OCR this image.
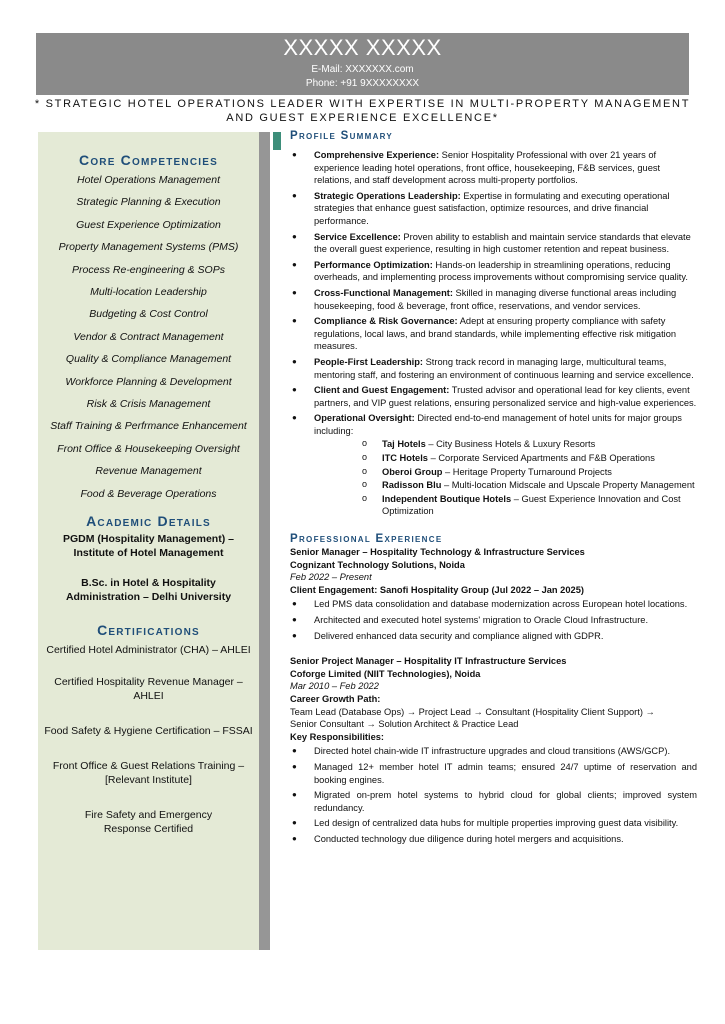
XXXXX XXXXX
E-Mail: XXXXXXX.com
Phone: +91 9XXXXXXXX
* STRATEGIC HOTEL OPERATIONS LEADER WITH EXPERTISE IN MULTI-PROPERTY MANAGEMENT AND GUEST EXPERIENCE EXCELLENCE*
Core Competencies
Hotel Operations Management
Strategic Planning & Execution
Guest Experience Optimization
Property Management Systems (PMS)
Process Re-engineering & SOPs
Multi-location Leadership
Budgeting & Cost Control
Vendor & Contract Management
Quality & Compliance Management
Workforce Planning & Development
Risk & Crisis Management
Staff Training & Perfrmance Enhancement
Front Office & Housekeeping Oversight
Revenue Management
Food & Beverage Operations
Academic Details
PGDM (Hospitality Management) – Institute of Hotel Management
B.Sc. in Hotel & Hospitality Administration – Delhi University
Certifications
Certified Hotel Administrator (CHA) – AHLEI
Certified Hospitality Revenue Manager – AHLEI
Food Safety & Hygiene Certification – FSSAI
Front Office & Guest Relations Training – [Relevant Institute]
Fire Safety and Emergency Response Certified
Profile Summary
● Comprehensive Experience: Senior Hospitality Professional with over 21 years of experience leading hotel operations, front office, housekeeping, F&B services, guest relations, and staff development across multi-property portfolios.
● Strategic Operations Leadership: Expertise in formulating and executing operational strategies that enhance guest satisfaction, optimize resources, and drive financial performance.
● Service Excellence: Proven ability to establish and maintain service standards that elevate the overall guest experience, resulting in high customer retention and repeat business.
● Performance Optimization: Hands-on leadership in streamlining operations, reducing overheads, and implementing process improvements without compromising service quality.
● Cross-Functional Management: Skilled in managing diverse functional areas including housekeeping, food & beverage, front office, reservations, and vendor services.
● Compliance & Risk Governance: Adept at ensuring property compliance with safety regulations, local laws, and brand standards, while implementing effective risk mitigation measures.
● People-First Leadership: Strong track record in managing large, multicultural teams, mentoring staff, and fostering an environment of continuous learning and service excellence.
● Client and Guest Engagement: Trusted advisor and operational lead for key clients, event partners, and VIP guest relations, ensuring personalized service and high-value experiences.
● Operational Oversight: Directed end-to-end management of hotel units for major groups including:
o Taj Hotels – City Business Hotels & Luxury Resorts
o ITC Hotels – Corporate Serviced Apartments and F&B Operations
o Oberoi Group – Heritage Property Turnaround Projects
o Radisson Blu – Multi-location Midscale and Upscale Property Management
o Independent Boutique Hotels – Guest Experience Innovation and Cost Optimization
Professional Experience
Senior Manager – Hospitality Technology & Infrastructure Services
Cognizant Technology Solutions, Noida
Feb 2022 – Present
Client Engagement: Sanofi Hospitality Group (Jul 2022 – Jan 2025)
● Led PMS data consolidation and database modernization across European hotel locations.
● Architected and executed hotel systems' migration to Oracle Cloud Infrastructure.
● Delivered enhanced data security and compliance aligned with GDPR.
Senior Project Manager – Hospitality IT Infrastructure Services
Coforge Limited (NIIT Technologies), Noida
Mar 2010 – Feb 2022
Career Growth Path:
Team Lead (Database Ops) → Project Lead → Consultant (Hospitality Client Support) →
Senior Consultant → Solution Architect & Practice Lead
Key Responsibilities:
● Directed hotel chain-wide IT infrastructure upgrades and cloud transitions (AWS/GCP).
● Managed 12+ member hotel IT admin teams; ensured 24/7 uptime of reservation and booking engines.
● Migrated on-prem hotel systems to hybrid cloud for global clients; improved system redundancy.
● Led design of centralized data hubs for multiple properties improving guest data visibility.
● Conducted technology due diligence during hotel mergers and acquisitions.
